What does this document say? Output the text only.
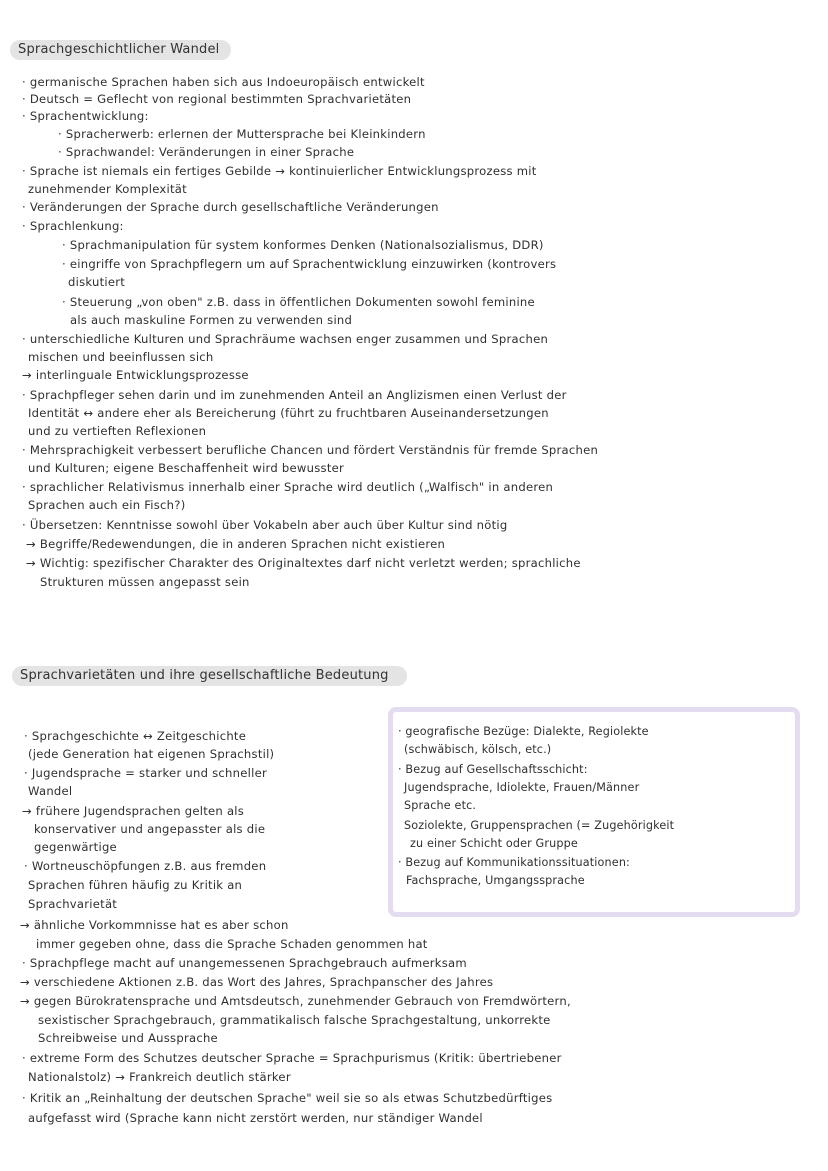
Sprachgeschichtlicher Wandel
· germanische Sprachen haben sich aus Indoeuropäisch entwickelt
· Deutsch = Geflecht von regional bestimmten Sprachvarietäten
· Sprachentwicklung:
· Spracherwerb: erlernen der Muttersprache bei Kleinkindern
· Sprachwandel: Veränderungen in einer Sprache
· Sprache ist niemals ein fertiges Gebilde → kontinuierlicher Entwicklungsprozess mit
zunehmender Komplexität
· Veränderungen der Sprache durch gesellschaftliche Veränderungen
· Sprachlenkung:
· Sprachmanipulation für system konformes Denken (Nationalsozialismus, DDR)
· eingriffe von Sprachpflegern um auf Sprachentwicklung einzuwirken (kontrovers
diskutiert
· Steuerung „von oben" z.B. dass in öffentlichen Dokumenten sowohl feminine
als auch maskuline Formen zu verwenden sind
· unterschiedliche Kulturen und Sprachräume wachsen enger zusammen und Sprachen
mischen und beeinflussen sich
→ interlinguale Entwicklungsprozesse
· Sprachpfleger sehen darin und im zunehmenden Anteil an Anglizismen einen Verlust der
Identität ↔ andere eher als Bereicherung (führt zu fruchtbaren Auseinandersetzungen
und zu vertieften Reflexionen
· Mehrsprachigkeit verbessert berufliche Chancen und fördert Verständnis für fremde Sprachen
und Kulturen; eigene Beschaffenheit wird bewusster
· sprachlicher Relativismus innerhalb einer Sprache wird deutlich („Walfisch" in anderen
Sprachen auch ein Fisch?)
· Übersetzen: Kenntnisse sowohl über Vokabeln aber auch über Kultur sind nötig
→ Begriffe/Redewendungen, die in anderen Sprachen nicht existieren
→ Wichtig: spezifischer Charakter des Originaltextes darf nicht verletzt werden; sprachliche
Strukturen müssen angepasst sein
Sprachvarietäten und ihre gesellschaftliche Bedeutung
· Sprachgeschichte ↔ Zeitgeschichte
(jede Generation hat eigenen Sprachstil)
· Jugendsprache = starker und schneller
Wandel
→ frühere Jugendsprachen gelten als
konservativer und angepasster als die
gegenwärtige
· Wortneuschöpfungen z.B. aus fremden
Sprachen führen häufig zu Kritik an
Sprachvarietät
· geografische Bezüge: Dialekte, Regiolekte
(schwäbisch, kölsch, etc.)
· Bezug auf Gesellschaftsschicht:
Jugendsprache, Idiolekte, Frauen/Männer
Sprache etc.
Soziolekte, Gruppensprachen (= Zugehörigkeit
zu einer Schicht oder Gruppe
· Bezug auf Kommunikationssituationen:
Fachsprache, Umgangssprache
→ ähnliche Vorkommnisse hat es aber schon
immer gegeben ohne, dass die Sprache Schaden genommen hat
· Sprachpflege macht auf unangemessenen Sprachgebrauch aufmerksam
→ verschiedene Aktionen z.B. das Wort des Jahres, Sprachpanscher des Jahres
→ gegen Bürokratensprache und Amtsdeutsch, zunehmender Gebrauch von Fremdwörtern,
sexistischer Sprachgebrauch, grammatikalisch falsche Sprachgestaltung, unkorrekte
Schreibweise und Aussprache
· extreme Form des Schutzes deutscher Sprache = Sprachpurismus (Kritik: übertriebener
Nationalstolz) → Frankreich deutlich stärker
· Kritik an „Reinhaltung der deutschen Sprache" weil sie so als etwas Schutzbedürftiges
aufgefasst wird (Sprache kann nicht zerstört werden, nur ständiger Wandel
